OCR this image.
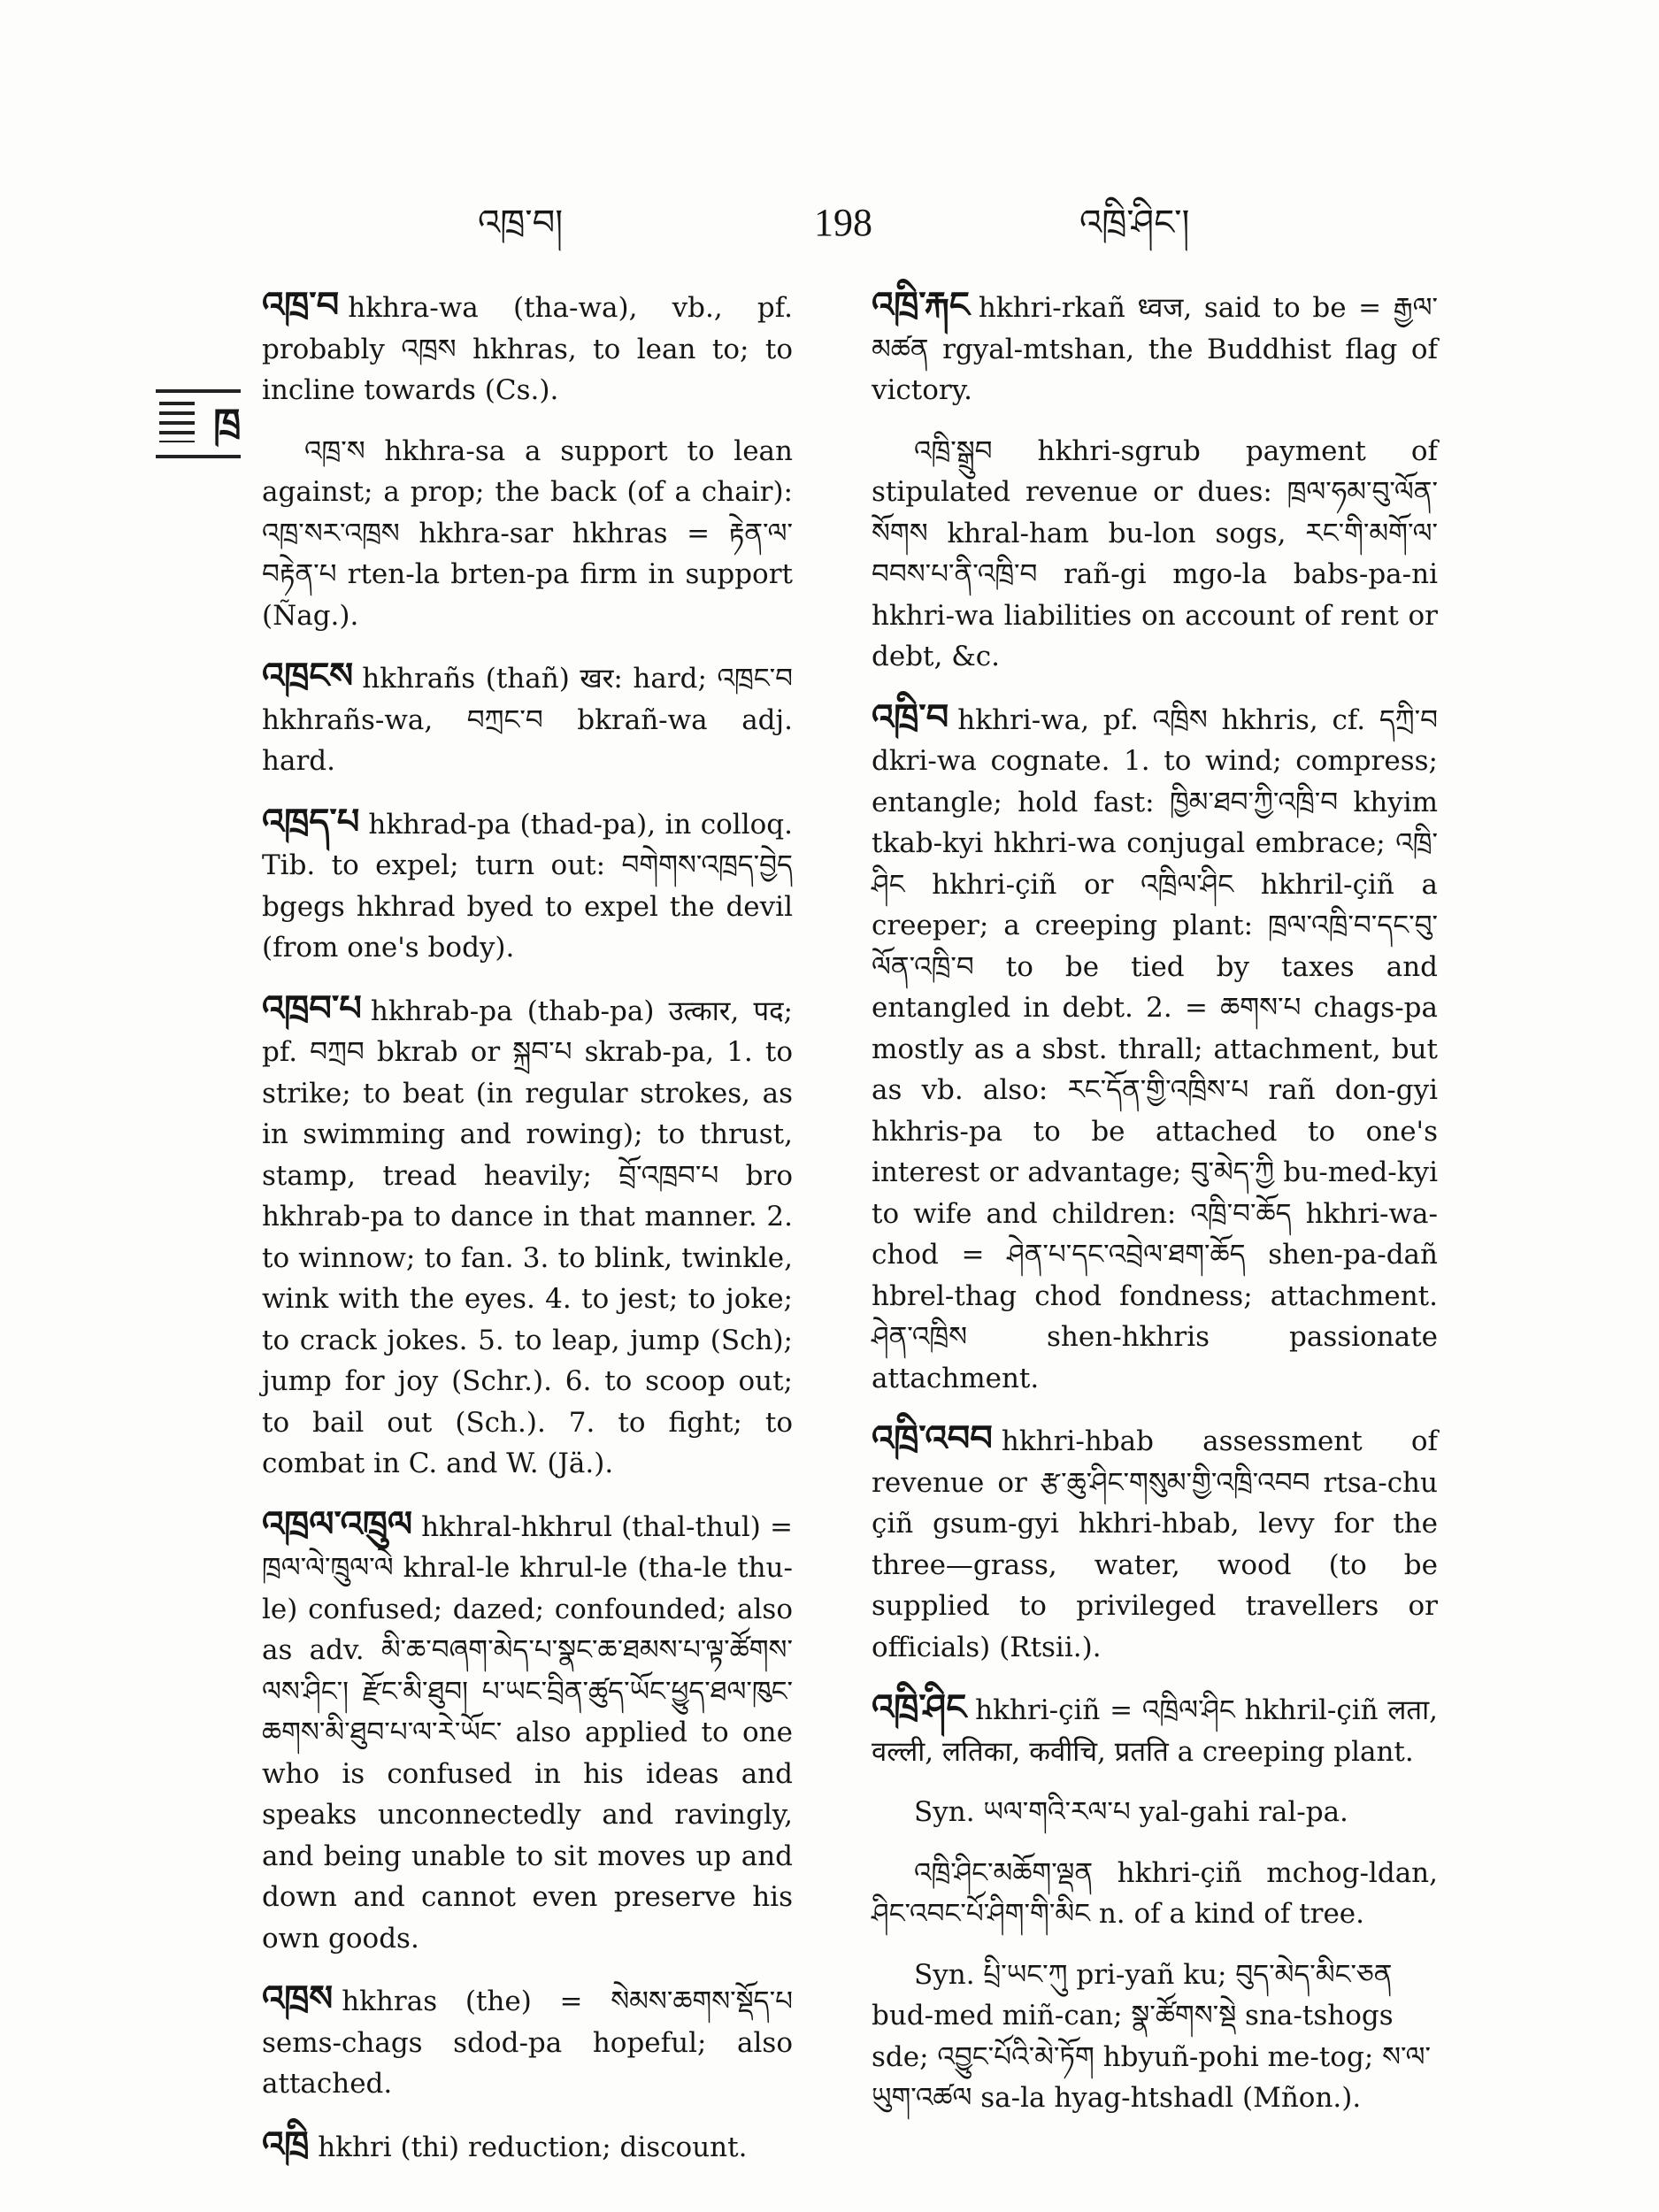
འཁྲ་བ།	198	འཁྲི་ཤིང་།
ཁྲ

འཁྲ་བ hkhra-wa (tha-wa), vb., pf. probably འཁྲས hkhras, to lean to; to incline towards (Cs.).

འཁྲ་ས hkhra-sa a support to lean against; a prop; the back (of a chair): འཁྲ་སར་འཁྲས hkhra-sar hkhras = རྟེན་ལ་བརྟེན་པ rten-la brten-pa firm in support (Ñag.).

འཁྲངས hkhrañs (thañ) खर: hard; འཁྲང་བ hkhrañs-wa, བཀྲང་བ bkrañ-wa adj. hard.

འཁྲད་པ hkhrad-pa (thad-pa), in colloq. Tib. to expel; turn out: བགེགས་འཁྲད་བྱེད bgegs hkhrad byed to expel the devil (from one's body).

འཁྲབ་པ hkhrab-pa (thab-pa) उत्कार, पद; pf. བཀྲབ bkrab or སྐྲབ་པ skrab-pa, 1. to strike; to beat (in regular strokes, as in swimming and rowing); to thrust, stamp, tread heavily; བྲོ་འཁྲབ་པ bro hkhrab-pa to dance in that manner. 2. to winnow; to fan. 3. to blink, twinkle, wink with the eyes. 4. to jest; to joke; to crack jokes. 5. to leap, jump (Sch); jump for joy (Schr.). 6. to scoop out; to bail out (Sch.). 7. to fight; to combat in C. and W. (Jä.).

འཁྲལ་འཁྲུལ hkhral-hkhrul (thal-thul) = ཁྲལ་ལེ་ཁྲུལ་ལེ khral-le khrul-le (tha-le thu-le) confused; dazed; confounded; also as adv. མི་ཆ་བཞག་མེད་པ་སྣང་ཆ་ཐམས་པ་ལྟ་ཚོགས་ལས་ཤིང་། རྫོང་མི་ཐུབ། པ་ཡང་བྲིན་ཚུད་ཡོང་ཕྱུད་ཐལ་ཁུང་ཆགས་མི་ཐུབ་པ་ལ་རེ་ཡོང་ also applied to one who is confused in his ideas and speaks unconnectedly and ravingly, and being unable to sit moves up and down and cannot even preserve his own goods.

འཁྲས hkhras (the) = སེམས་ཆགས་སྡོད་པ sems-chags sdod-pa hopeful; also attached.

འཁྲི hkhri (thi) reduction; discount.

འཁྲི་རྐང hkhri-rkañ ध्वज, said to be = རྒྱལ་མཚན rgyal-mtshan, the Buddhist flag of victory.

འཁྲི་སྒྲུབ hkhri-sgrub payment of stipulated revenue or dues: ཁྲལ་ཧམ་བུ་ལོན་སོགས khral-ham bu-lon sogs, རང་གི་མགོ་ལ་བབས་པ་ནི་འཁྲི་བ rañ-gi mgo-la babs-pa-ni hkhri-wa liabilities on account of rent or debt, &c.

འཁྲི་བ hkhri-wa, pf. འཁྲིས hkhris, cf. དཀྲི་བ dkri-wa cognate. 1. to wind; compress; entangle; hold fast: ཁྱིམ་ཐབ་ཀྱི་འཁྲི་བ khyim tkab-kyi hkhri-wa conjugal embrace; འཁྲི་ཤིང hkhri-çiñ or འཁྲིལ་ཤིང hkhril-çiñ a creeper; a creeping plant: ཁྲལ་འཁྲི་བ་དང་བུ་ལོན་འཁྲི་བ to be tied by taxes and entangled in debt. 2. = ཆགས་པ chags-pa mostly as a sbst. thrall; attachment, but as vb. also: རང་དོན་གྱི་འཁྲིས་པ rañ don-gyi hkhris-pa to be attached to one's interest or advantage; བུ་མེད་ཀྱི bu-med-kyi to wife and children: འཁྲི་བ་ཆོད hkhri-wa-chod = ཤེན་པ་དང་འབྲེལ་ཐག་ཆོད shen-pa-dañ hbrel-thag chod fondness; attachment. ཤེན་འཁྲིས shen-hkhris passionate attachment.

འཁྲི་འབབ hkhri-hbab assessment of revenue or རྩ་ཆུ་ཤིང་གསུམ་གྱི་འཁྲི་འབབ rtsa-chu çiñ gsum-gyi hkhri-hbab, levy for the three—grass, water, wood (to be supplied to privileged travellers or officials) (Rtsii.).

འཁྲི་ཤིང hkhri-çiñ = འཁྲིལ་ཤིང hkhril-çiñ लता, वल्ली, लतिका, कवीचि, प्रतति a creeping plant.

Syn. ཡལ་གའི་རལ་པ yal-gahi ral-pa.

འཁྲི་ཤིང་མཆོག་ལྡན hkhri-çiñ mchog-ldan, ཤིང་འབང་པོ་ཤིག་གི་མིང n. of a kind of tree.

Syn. པྲི་ཡང་ཀུ pri-yañ ku; བུད་མེད་མིང་ཅན bud-med miñ-can; སྣ་ཚོགས་སྡེ sna-tshogs sde; འབྱུང་པོའི་མེ་ཏོག hbyuñ-pohi me-tog; ས་ལ་ཡུག་འཚལ sa-la hyag-htshadl (Mñon.).
